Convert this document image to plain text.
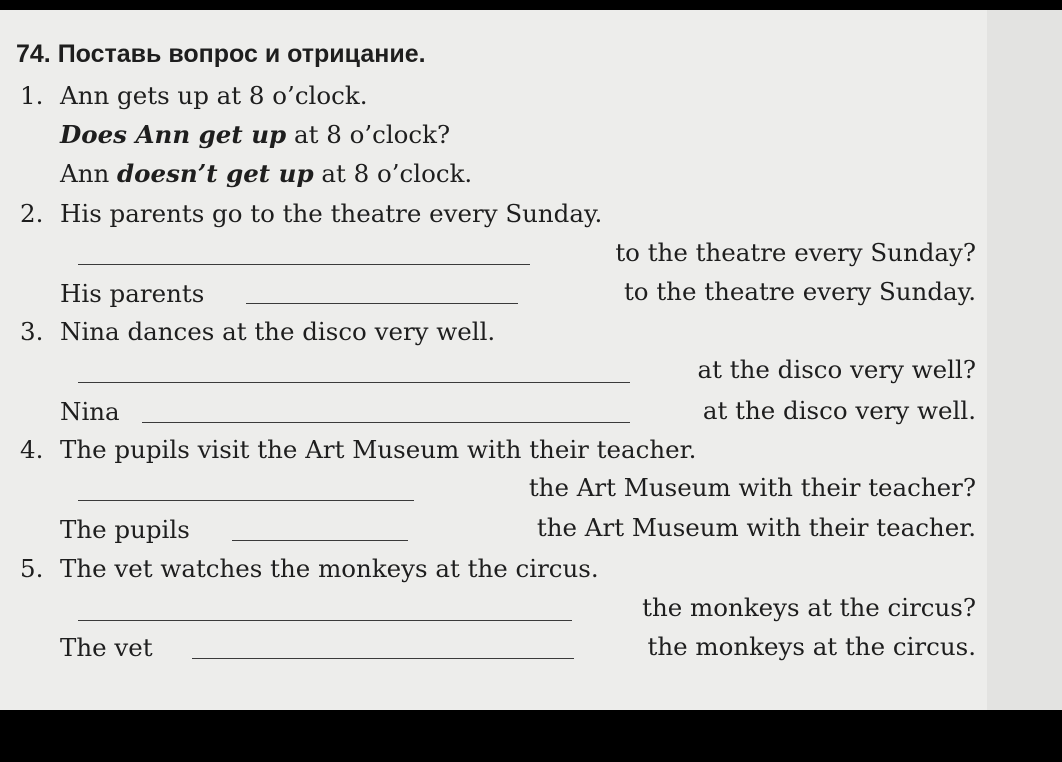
74. Поставь вопрос и отрицание.
1. Ann gets up at 8 o’clock.
Does Ann get up at 8 o’clock?
Ann doesn’t get up at 8 o’clock.
2. His parents go to the theatre every Sunday.
to the theatre every Sunday?
His parents	to the theatre every Sunday.
3. Nina dances at the disco very well.
at the disco very well?
Nina	at the disco very well.
4. The pupils visit the Art Museum with their teacher.
the Art Museum with their teacher?
The pupils	the Art Museum with their teacher.
5. The vet watches the monkeys at the circus.
the monkeys at the circus?
The vet	the monkeys at the circus.
